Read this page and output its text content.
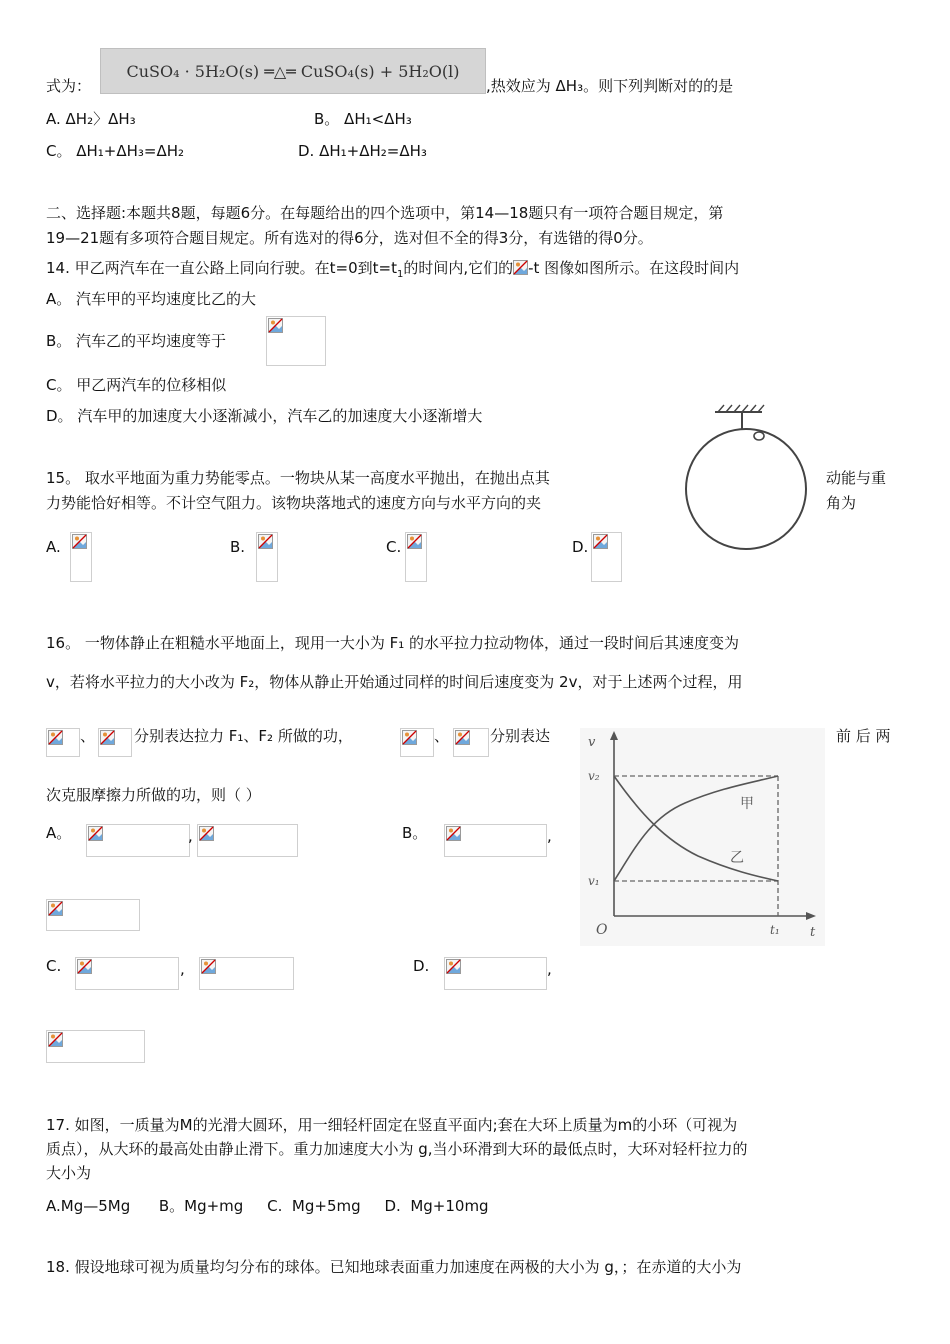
式为：
CuSO₄ · 5H₂O(s) ═△═ CuSO₄(s) + 5H₂O(l)
,热效应为 ΔH₃。则下列判断对的的是
A. ΔH₂〉ΔH₃	B。 ΔH₁<ΔH₃
C。 ΔH₁+ΔH₃=ΔH₂	D. ΔH₁+ΔH₂=ΔH₃
二、选择题:本题共8题，每题6分。在每题给出的四个选项中，第14—18题只有一项符合题目规定，第
19—21题有多项符合题目规定。所有选对的得6分，选对但不全的得3分，有选错的得0分。
14. 甲乙两汽车在一直公路上同向行驶。在t=0到$t=t_1$的时间内,它们的 -t 图像如图所示。在这段时间内
A。 汽车甲的平均速度比乙的大
B。 汽车乙的平均速度等于
C。 甲乙两汽车的位移相似
D。 汽车甲的加速度大小逐渐减小，汽车乙的加速度大小逐渐增大
15。 取水平地面为重力势能零点。一物块从某一高度水平抛出，在抛出点其	动能与重
力势能恰好相等。不计空气阻力。该物块落地式的速度方向与水平方向的夹	角为
A.	B.	C.	D.
16。 一物体静止在粗糙水平地面上，现用一大小为 F₁ 的水平拉力拉动物体，通过一段时间后其速度变为
v，若将水平拉力的大小改为 F₂，物体从静止开始通过同样的时间后速度变为 2v，对于上述两个过程，用
、	分别表达拉力 F₁、F₂ 所做的功，	、	分别表达	前 后 两
次克服摩擦力所做的功，则（ ）
A。	,	B。	,
C.	,	D.	,
v
v₂
v₁
O	t₁ t
甲
乙
17. 如图，一质量为M的光滑大圆环，用一细轻杆固定在竖直平面内;套在大环上质量为m的小环（可视为
质点），从大环的最高处由静止滑下。重力加速度大小为 g,当小环滑到大环的最低点时，大环对轻杆拉力的
大小为
A.Mg—5Mg      B。Mg+mg     C.  Mg+5mg     D.  Mg+10mg
18. 假设地球可视为质量均匀分布的球体。已知地球表面重力加速度在两极的大小为 g，；在赤道的大小为
